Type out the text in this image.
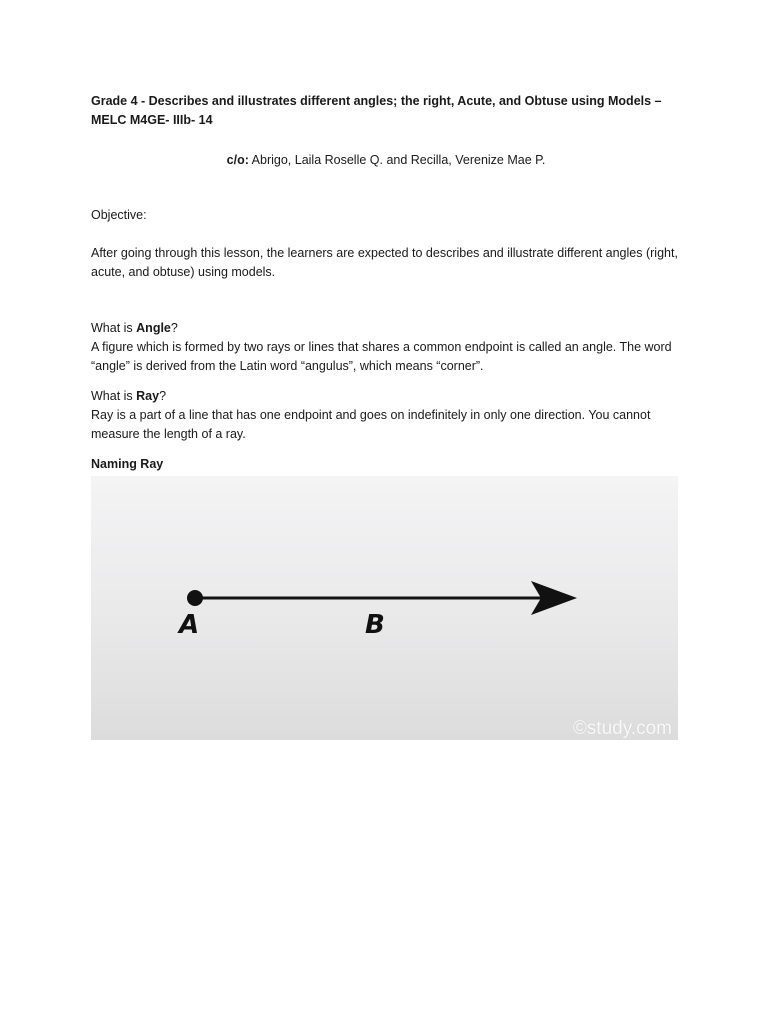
Grade 4 - Describes and illustrates different angles; the right, Acute, and Obtuse using Models – MELC M4GE- IIIb- 14

c/o: Abrigo, Laila Roselle Q. and Recilla, Verenize Mae P.

Objective:

After going through this lesson, the learners are expected to describes and illustrate different angles (right, acute, and obtuse) using models.

What is Angle?

A figure which is formed by two rays or lines that shares a common endpoint is called an angle. The word “angle” is derived from the Latin word “angulus”, which means “corner”.

What is Ray?

Ray is a part of a line that has one endpoint and goes on indefinitely in only one direction. You cannot measure the length of a ray.

Naming Ray

A	B
©study.com
